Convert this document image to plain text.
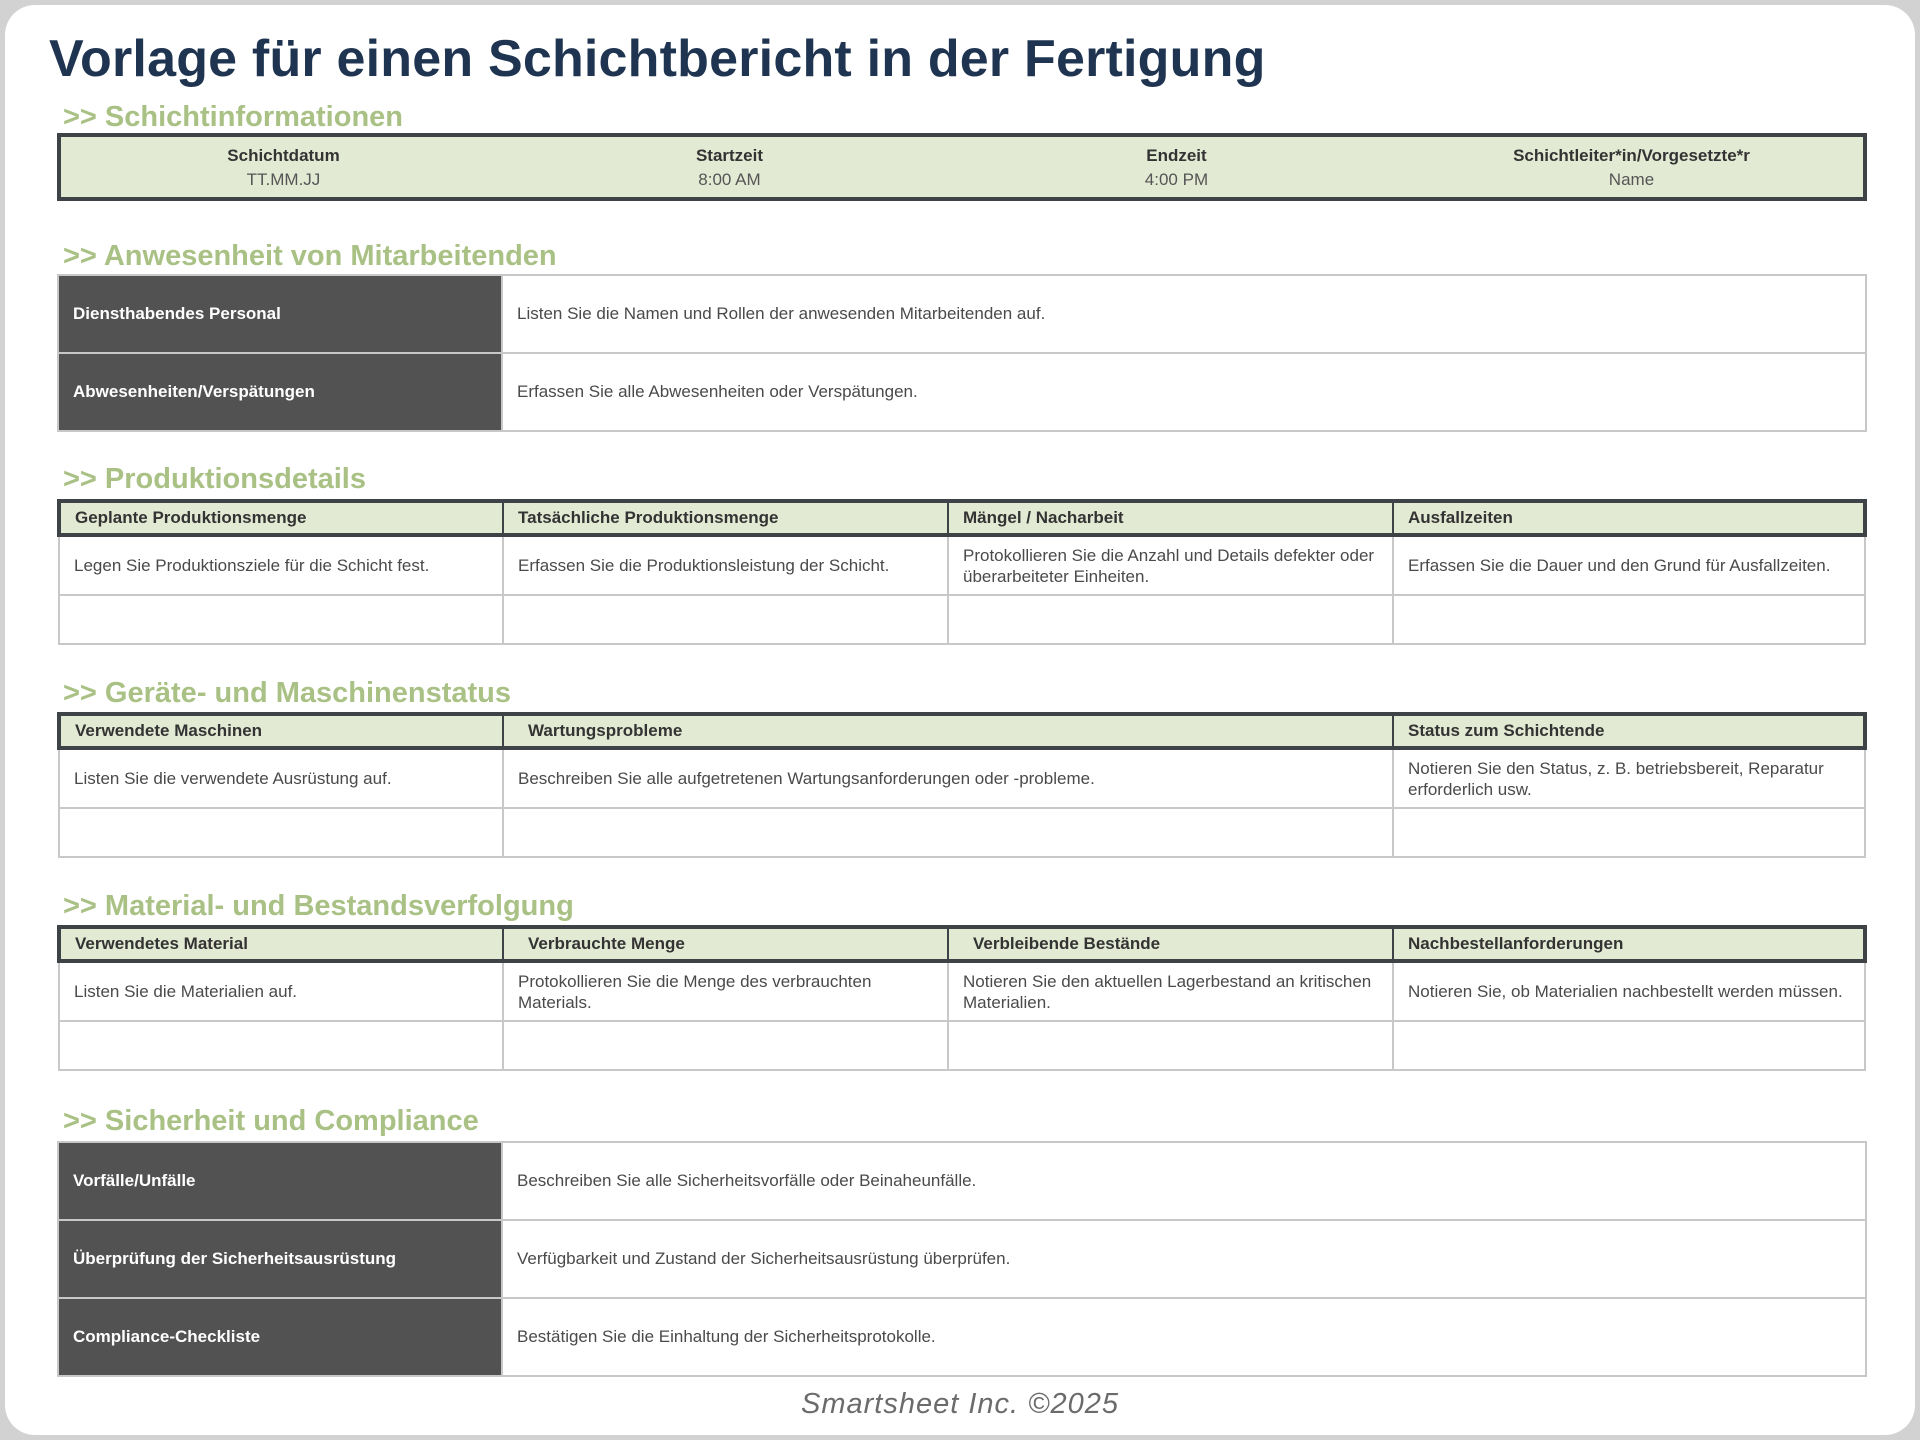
Vorlage für einen Schichtbericht in der Fertigung
>> Schichtinformationen
Schichtdatum	Startzeit	Endzeit	Schichtleiter*in/Vorgesetzte*r
TT.MM.JJ	8:00 AM	4:00 PM	Name
>> Anwesenheit von Mitarbeitenden
Diensthabendes Personal	Listen Sie die Namen und Rollen der anwesenden Mitarbeitenden auf.
Abwesenheiten/Verspätungen	Erfassen Sie alle Abwesenheiten oder Verspätungen.
>> Produktionsdetails
Geplante Produktionsmenge	Tatsächliche Produktionsmenge	Mängel / Nacharbeit	Ausfallzeiten
Legen Sie Produktionsziele für die Schicht fest.	Erfassen Sie die Produktionsleistung der Schicht.	Protokollieren Sie die Anzahl und Details defekter oder überarbeiteter Einheiten.	Erfassen Sie die Dauer und den Grund für Ausfallzeiten.

>> Geräte- und Maschinenstatus
Verwendete Maschinen	Wartungsprobleme	Status zum Schichtende
Listen Sie die verwendete Ausrüstung auf.	Beschreiben Sie alle aufgetretenen Wartungsanforderungen oder -probleme.	Notieren Sie den Status, z. B. betriebsbereit, Reparatur erforderlich usw.

>> Material- und Bestandsverfolgung
Verwendetes Material	Verbrauchte Menge	Verbleibende Bestände	Nachbestellanforderungen
Listen Sie die Materialien auf.	Protokollieren Sie die Menge des verbrauchten Materials.	Notieren Sie den aktuellen Lagerbestand an kritischen Materialien.	Notieren Sie, ob Materialien nachbestellt werden müssen.

>> Sicherheit und Compliance
Vorfälle/Unfälle	Beschreiben Sie alle Sicherheitsvorfälle oder Beinaheunfälle.
Überprüfung der Sicherheitsausrüstung	Verfügbarkeit und Zustand der Sicherheitsausrüstung überprüfen.
Compliance-Checkliste	Bestätigen Sie die Einhaltung der Sicherheitsprotokolle.
Smartsheet Inc. ©2025
